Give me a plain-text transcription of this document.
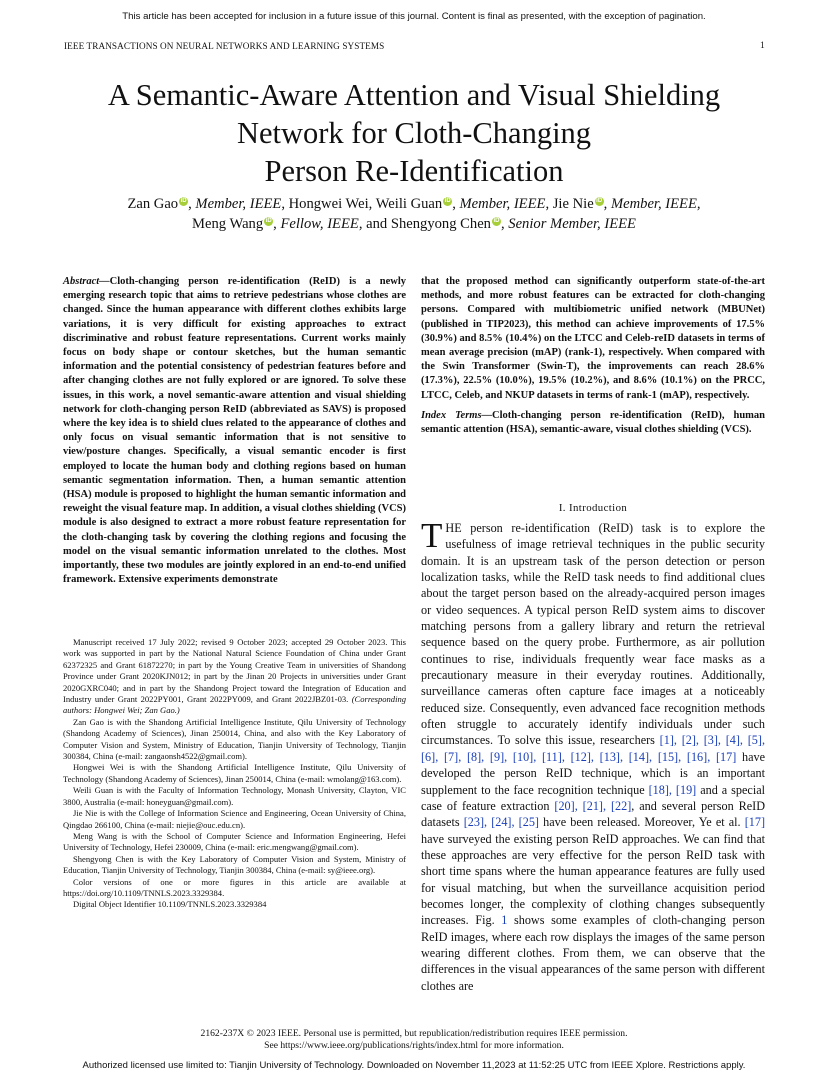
This article has been accepted for inclusion in a future issue of this journal. Content is final as presented, with the exception of pagination.
IEEE TRANSACTIONS ON NEURAL NETWORKS AND LEARNING SYSTEMS	1
A Semantic-Aware Attention and Visual Shielding
Network for Cloth-Changing
Person Re-Identification
Zan Gao iD , Member, IEEE, Hongwei Wei, Weili Guan iD , Member, IEEE, Jie Nie iD , Member, IEEE,
Meng Wang iD , Fellow, IEEE, and Shengyong Chen iD , Senior Member, IEEE

Abstract—Cloth-changing person re-identification (ReID) is a newly emerging research topic that aims to retrieve pedestrians whose clothes are changed. Since the human appearance with different clothes exhibits large variations, it is very difficult for existing approaches to extract discriminative and robust feature representations. Current works mainly focus on body shape or contour sketches, but the human semantic information and the potential consistency of pedestrian features before and after changing clothes are not fully explored or are ignored. To solve these issues, in this work, a novel semantic-aware attention and visual shielding network for cloth-changing person ReID (abbreviated as SAVS) is proposed where the key idea is to shield clues related to the appearance of clothes and only focus on visual semantic information that is not sensitive to view/posture changes. Specifically, a visual semantic encoder is first employed to locate the human body and clothing regions based on human semantic segmentation information. Then, a human semantic attention (HSA) module is proposed to highlight the human semantic information and reweight the visual feature map. In addition, a visual clothes shielding (VCS) module is also designed to extract a more robust feature representation for the cloth-changing task by covering the clothing regions and focusing the model on the visual semantic information unrelated to the clothes. Most importantly, these two modules are jointly explored in an end-to-end unified framework. Extensive experiments demonstrate

Manuscript received 17 July 2022; revised 9 October 2023; accepted 29 October 2023. This work was supported in part by the National Natural Science Foundation of China under Grant 62372325 and Grant 61872270; in part by the Young Creative Team in universities of Shandong Province under Grant 2020KJN012; in part by the Jinan 20 Projects in universities under Grant 2020GXRC040; and in part by the Shandong Project toward the Integration of Education and Industry under Grant 2022PY001, Grant 2022PY009, and Grant 2022JBZ01-03. (Corresponding authors: Hongwei Wei; Zan Gao.)

Zan Gao is with the Shandong Artificial Intelligence Institute, Qilu University of Technology (Shandong Academy of Sciences), Jinan 250014, China, and also with the Key Laboratory of Computer Vision and System, Ministry of Education, Tianjin University of Technology, Tianjin 300384, China (e-mail: zangaonsh4522@gmail.com).

Hongwei Wei is with the Shandong Artificial Intelligence Institute, Qilu University of Technology (Shandong Academy of Sciences), Jinan 250014, China (e-mail: wmolang@163.com).

Weili Guan is with the Faculty of Information Technology, Monash University, Clayton, VIC 3800, Australia (e-mail: honeyguan@gmail.com).

Jie Nie is with the College of Information Science and Engineering, Ocean University of China, Qingdao 266100, China (e-mail: niejie@ouc.edu.cn).

Meng Wang is with the School of Computer Science and Information Engineering, Hefei University of Technology, Hefei 230009, China (e-mail: eric.mengwang@gmail.com).

Shengyong Chen is with the Key Laboratory of Computer Vision and System, Ministry of Education, Tianjin University of Technology, Tianjin 300384, China (e-mail: sy@ieee.org).

Color versions of one or more figures in this article are available at https://doi.org/10.1109/TNNLS.2023.3329384.

Digital Object Identifier 10.1109/TNNLS.2023.3329384

that the proposed method can significantly outperform state-of-the-art methods, and more robust features can be extracted for cloth-changing persons. Compared with multibiometric unified network (MBUNet) (published in TIP2023), this method can achieve improvements of 17.5% (30.9%) and 8.5% (10.4%) on the LTCC and Celeb-reID datasets in terms of mean average precision (mAP) (rank-1), respectively. When compared with the Swin Transformer (Swin-T), the improvements can reach 28.6% (17.3%), 22.5% (10.0%), 19.5% (10.2%), and 8.6% (10.1%) on the PRCC, LTCC, Celeb, and NKUP datasets in terms of rank-1 (mAP), respectively.

Index Terms—Cloth-changing person re-identification (ReID), human semantic attention (HSA), semantic-aware, visual clothes shielding (VCS).

I. Introduction

THE person re-identification (ReID) task is to explore the usefulness of image retrieval techniques in the public security domain. It is an upstream task of the person detection or person localization tasks, while the ReID task needs to find additional clues about the target person based on the already-acquired person images or video sequences. A typical person ReID system aims to discover matching persons from a gallery library and return the retrieval sequence based on the query probe. Furthermore, as air pollution continues to rise, individuals frequently wear face masks as a precautionary measure in their everyday routines. Additionally, surveillance cameras often capture face images at a noticeably reduced size. Consequently, even advanced face recognition methods often struggle to accurately identify individuals under such circumstances. To solve this issue, researchers [1], [2], [3], [4], [5], [6], [7], [8], [9], [10], [11], [12], [13], [14], [15], [16], [17] have developed the person ReID technique, which is an important supplement to the face recognition technique [18], [19] and a special case of feature extraction [20], [21], [22], and several person ReID datasets [23], [24], [25] have been released. Moreover, Ye et al. [17] have surveyed the existing person ReID approaches. We can find that these approaches are very effective for the person ReID task with short time spans where the human appearance features are fully used for visual matching, but when the surveillance acquisition period becomes longer, the complexity of clothing changes subsequently increases. Fig. 1 shows some examples of cloth-changing person ReID images, where each row displays the images of the same person wearing different clothes. From them, we can observe that the differences in the visual appearances of the same person with different clothes are

2162-237X © 2023 IEEE. Personal use is permitted, but republication/redistribution requires IEEE permission.
See https://www.ieee.org/publications/rights/index.html for more information.
Authorized licensed use limited to: Tianjin University of Technology. Downloaded on November 11,2023 at 11:52:25 UTC from IEEE Xplore. Restrictions apply.
